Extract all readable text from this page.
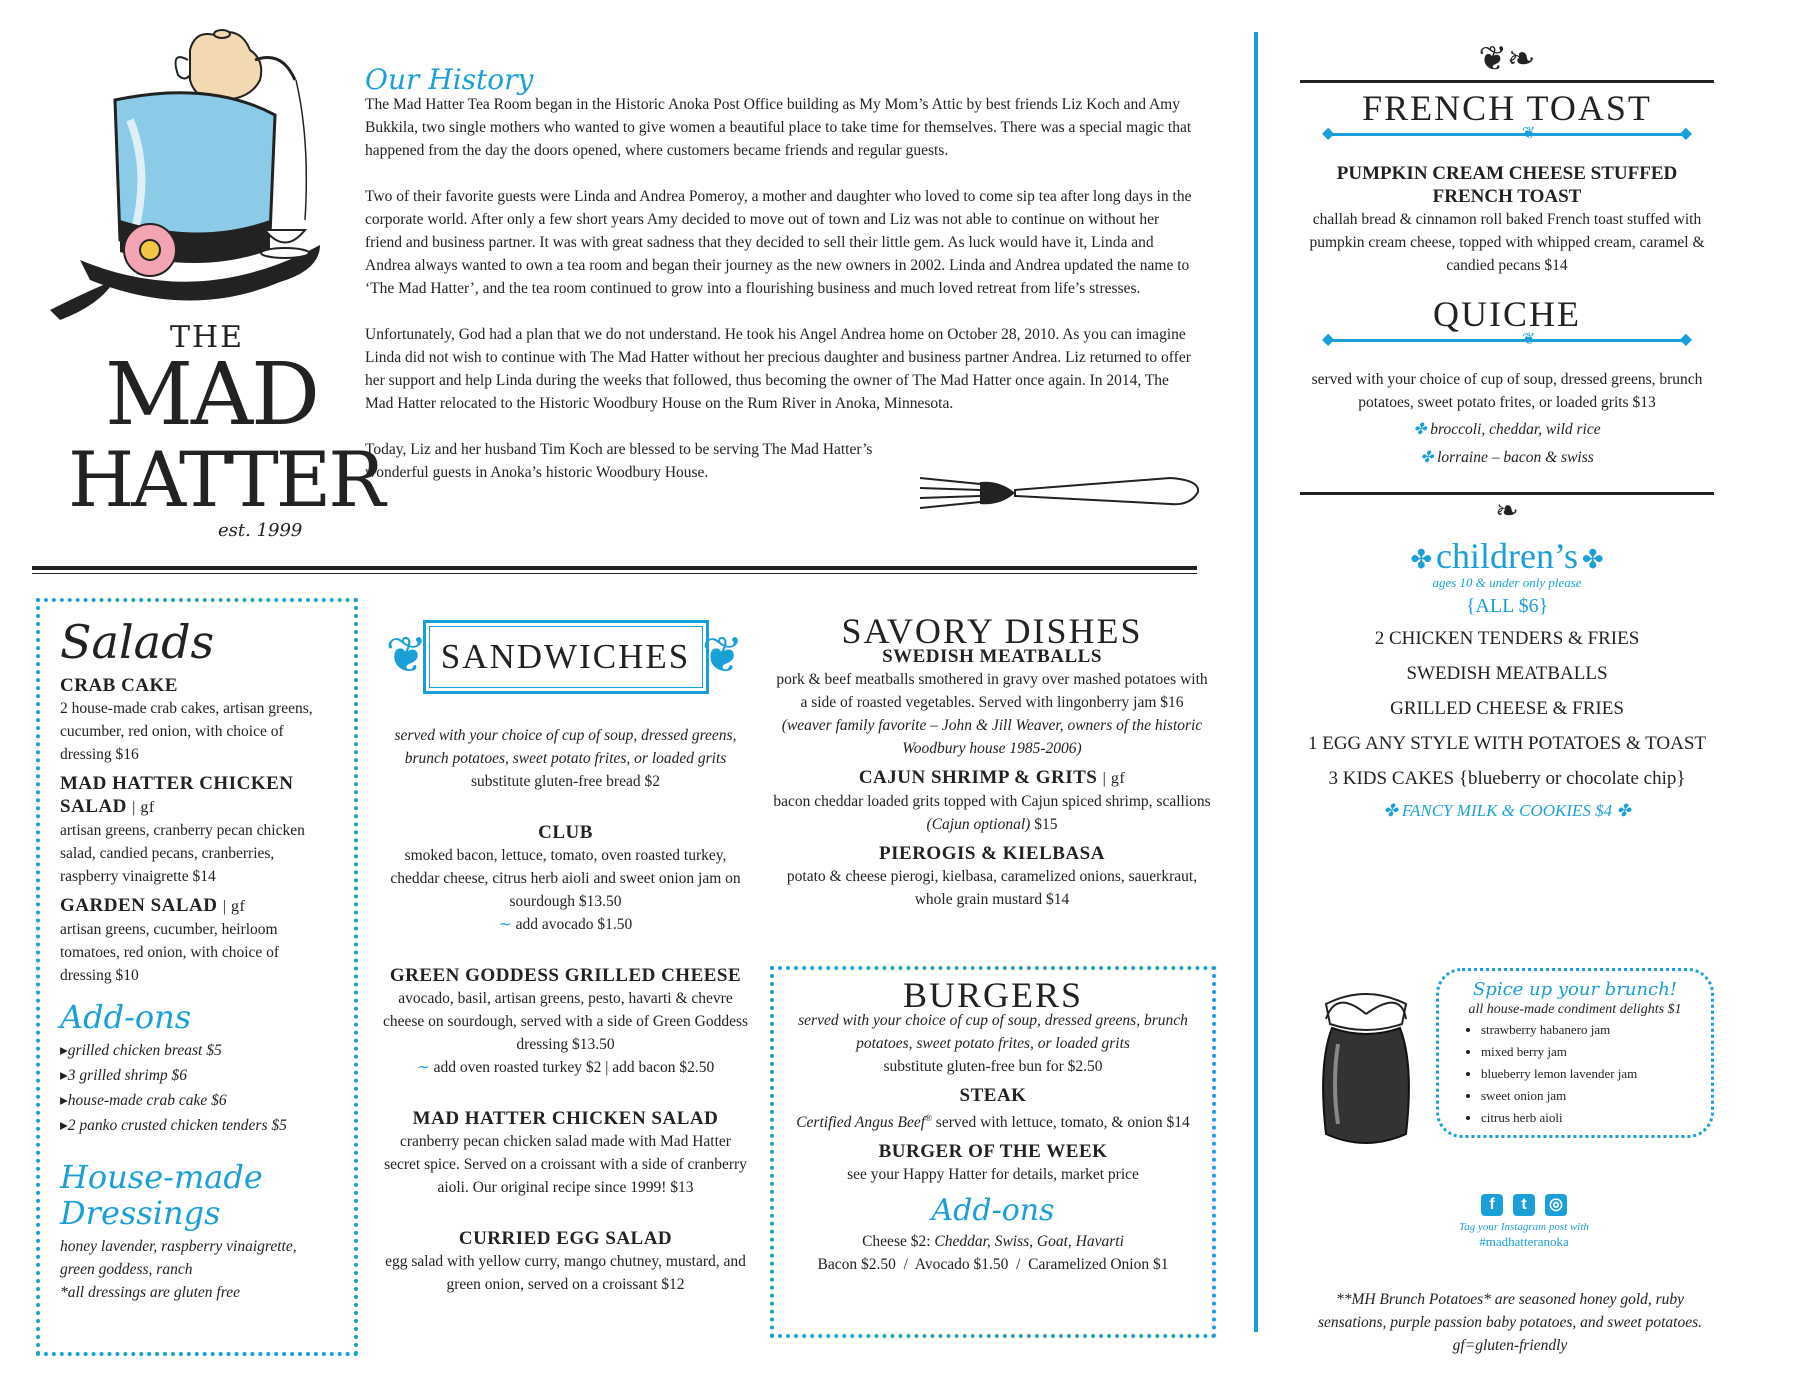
THE
MAD
HATTER
est. 1999
Our History

The Mad Hatter Tea Room began in the Historic Anoka Post Office building as My Mom’s Attic by best friends Liz Koch and Amy Bukkila, two single mothers who wanted to give women a beautiful place to take time for themselves. There was a special magic that happened from the day the doors opened, where customers became friends and regular guests.

Two of their favorite guests were Linda and Andrea Pomeroy, a mother and daughter who loved to come sip tea after long days in the corporate world. After only a few short years Amy decided to move out of town and Liz was not able to continue on without her friend and business partner. It was with great sadness that they decided to sell their little gem. As luck would have it, Linda and Andrea always wanted to own a tea room and began their journey as the new owners in 2002. Linda and Andrea updated the name to ‘The Mad Hatter’, and the tea room continued to grow into a flourishing business and much loved retreat from life’s stresses.

Unfortunately, God had a plan that we do not understand. He took his Angel Andrea home on October 28, 2010. As you can imagine Linda did not wish to continue with The Mad Hatter without her precious daughter and business partner Andrea. Liz returned to offer her support and help Linda during the weeks that followed, thus becoming the owner of The Mad Hatter once again. In 2014, The Mad Hatter relocated to the Historic Woodbury House on the Rum River in Anoka, Minnesota.

Today, Liz and her husband Tim Koch are blessed to be serving The Mad Hatter’s wonderful guests in Anoka’s historic Woodbury House.

Salads
CRAB CAKE
2 house-made crab cakes, artisan greens, cucumber, red onion, with choice of dressing $16
MAD HATTER CHICKEN SALAD | gf
artisan greens, cranberry pecan chicken salad, candied pecans, cranberries, raspberry vinaigrette $14
GARDEN SALAD | gf
artisan greens, cucumber, heirloom tomatoes, red onion, with choice of dressing $10
Add-ons
▸ grilled chicken breast $5
▸ 3 grilled shrimp $6
▸ house-made crab cake $6
▸ 2 panko crusted chicken tenders $5
House-made Dressings
honey lavender, raspberry vinaigrette, green goddess, ranch
*all dressings are gluten free
❦ SANDWICHES ❦
served with your choice of cup of soup, dressed greens, brunch potatoes, sweet potato frites, or loaded grits
substitute gluten-free bread $2
CLUB
smoked bacon, lettuce, tomato, oven roasted turkey, cheddar cheese, citrus herb aioli and sweet onion jam on sourdough $13.50
∼ add avocado $1.50
GREEN GODDESS GRILLED CHEESE
avocado, basil, artisan greens, pesto, havarti & chevre cheese on sourdough, served with a side of Green Goddess dressing $13.50
∼ add oven roasted turkey $2 | add bacon $2.50
MAD HATTER CHICKEN SALAD
cranberry pecan chicken salad made with Mad Hatter secret spice. Served on a croissant with a side of cranberry aioli. Our original recipe since 1999! $13
CURRIED EGG SALAD
egg salad with yellow curry, mango chutney, mustard, and green onion, served on a croissant $12
SAVORY DISHES
SWEDISH MEATBALLS
pork & beef meatballs smothered in gravy over mashed potatoes with a side of roasted vegetables. Served with lingonberry jam $16
(weaver family favorite – John & Jill Weaver, owners of the historic Woodbury house 1985-2006)
CAJUN SHRIMP & GRITS | gf
bacon cheddar loaded grits topped with Cajun spiced shrimp, scallions (Cajun optional) $15
PIEROGIS & KIELBASA
potato & cheese pierogi, kielbasa, caramelized onions, sauerkraut, whole grain mustard $14
BURGERS
served with your choice of cup of soup, dressed greens, brunch potatoes, sweet potato frites, or loaded grits
substitute gluten-free bun for $2.50
STEAK
Certified Angus Beef® served with lettuce, tomato, & onion $14
BURGER OF THE WEEK
see your Happy Hatter for details, market price
Add-ons
Cheese $2: Cheddar, Swiss, Goat, Havarti
Bacon $2.50  /  Avocado $1.50  /  Caramelized Onion $1
❦❧
FRENCH TOAST
◆	❦	◆
PUMPKIN CREAM CHEESE STUFFED FRENCH TOAST
challah bread & cinnamon roll baked French toast stuffed with pumpkin cream cheese, topped with whipped cream, caramel & candied pecans $14
QUICHE
◆	❦	◆
served with your choice of cup of soup, dressed greens, brunch potatoes, sweet potato frites, or loaded grits $13
✤ broccoli, cheddar, wild rice
✤ lorraine – bacon & swiss
❧
✤ children’s ✤
ages 10 & under only please
{ALL $6}
2 CHICKEN TENDERS & FRIES
SWEDISH MEATBALLS
GRILLED CHEESE & FRIES
1 EGG ANY STYLE WITH POTATOES & TOAST
3 KIDS CAKES {blueberry or chocolate chip}
✤ FANCY MILK & COOKIES $4 ✤
Spice up your brunch!
all house-made condiment delights $1
• strawberry habanero jam
• mixed berry jam
• blueberry lemon lavender jam
• sweet onion jam
• citrus herb aioli
f t ◎
Tag your Instagram post with
#madhatteranoka
**MH Brunch Potatoes* are seasoned honey gold, ruby sensations, purple passion baby potatoes, and sweet potatoes.
gf=gluten-friendly
